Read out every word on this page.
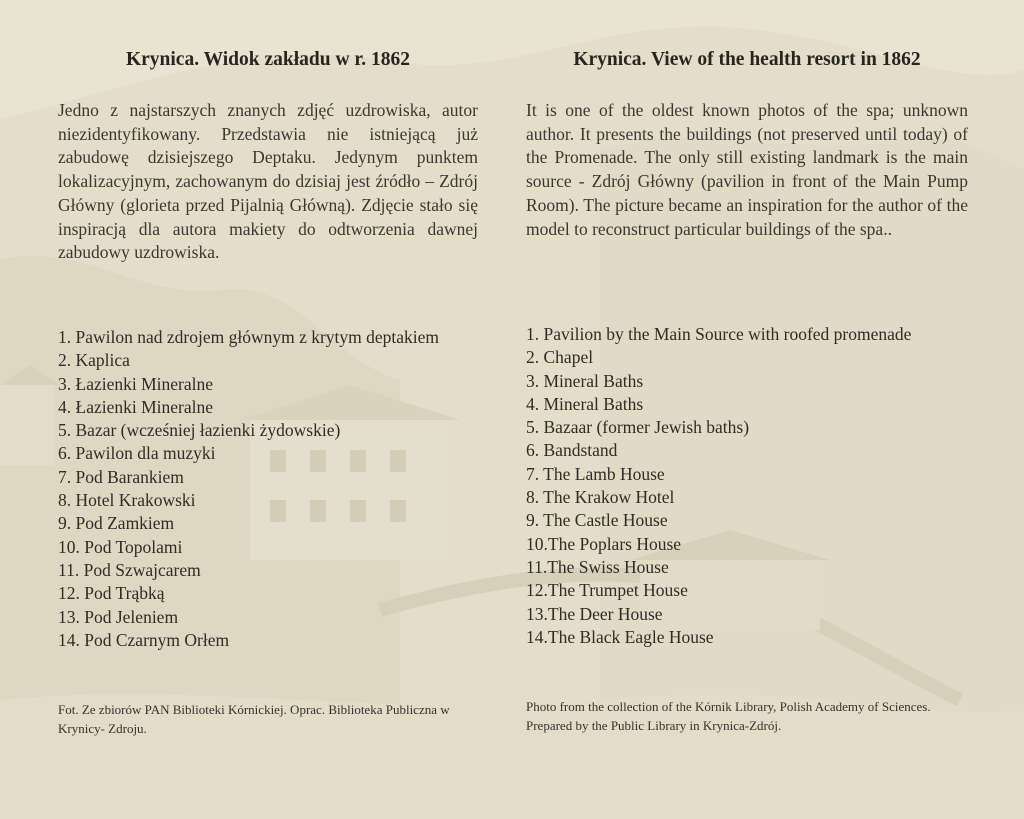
Krynica. Widok zakładu w r. 1862

Jedno z najstarszych znanych zdjęć uzdrowiska, autor niezidentyfikowany. Przedstawia nie istniejącą już zabudowę dzisiejszego Deptaku. Jedynym punktem lokalizacyjnym, zachowanym do dzisiaj jest źródło – Zdrój Główny (glorieta przed Pijalnią Główną). Zdjęcie stało się inspiracją dla autora makiety do odtworzenia dawnej zabudowy uzdrowiska.

1. Pawilon nad zdrojem głównym z krytym deptakiem
2. Kaplica
3. Łazienki Mineralne
4. Łazienki Mineralne
5. Bazar (wcześniej łazienki żydowskie)
6. Pawilon dla muzyki
7. Pod Barankiem
8. Hotel Krakowski
9. Pod Zamkiem
10. Pod Topolami
11. Pod Szwajcarem
12. Pod Trąbką
13. Pod Jeleniem
14. Pod Czarnym Orłem

Fot. Ze zbiorów PAN Biblioteki Kórnickiej. Oprac. Biblioteka Publiczna w Krynicy- Zdroju.

Krynica. View of the health resort in 1862

It is one of the oldest known photos of the spa; unknown author. It presents the buildings (not preserved until today) of the Promenade. The only still existing landmark is the main source - Zdrój Główny (pavilion in front of the Main Pump Room). The picture became an inspiration for the author of the model to reconstruct particular buildings of the spa..

1. Pavilion by the Main Source with roofed promenade
2. Chapel
3. Mineral Baths
4. Mineral Baths
5. Bazaar (former Jewish baths)
6. Bandstand
7. The Lamb House
8. The Krakow Hotel
9. The Castle House
10.The Poplars House
11.The Swiss House
12.The Trumpet House
13.The Deer House
14.The Black Eagle House

Photo from the collection of the Kórnik Library, Polish Academy of Sciences. Prepared by the Public Library in Krynica-Zdrój.
